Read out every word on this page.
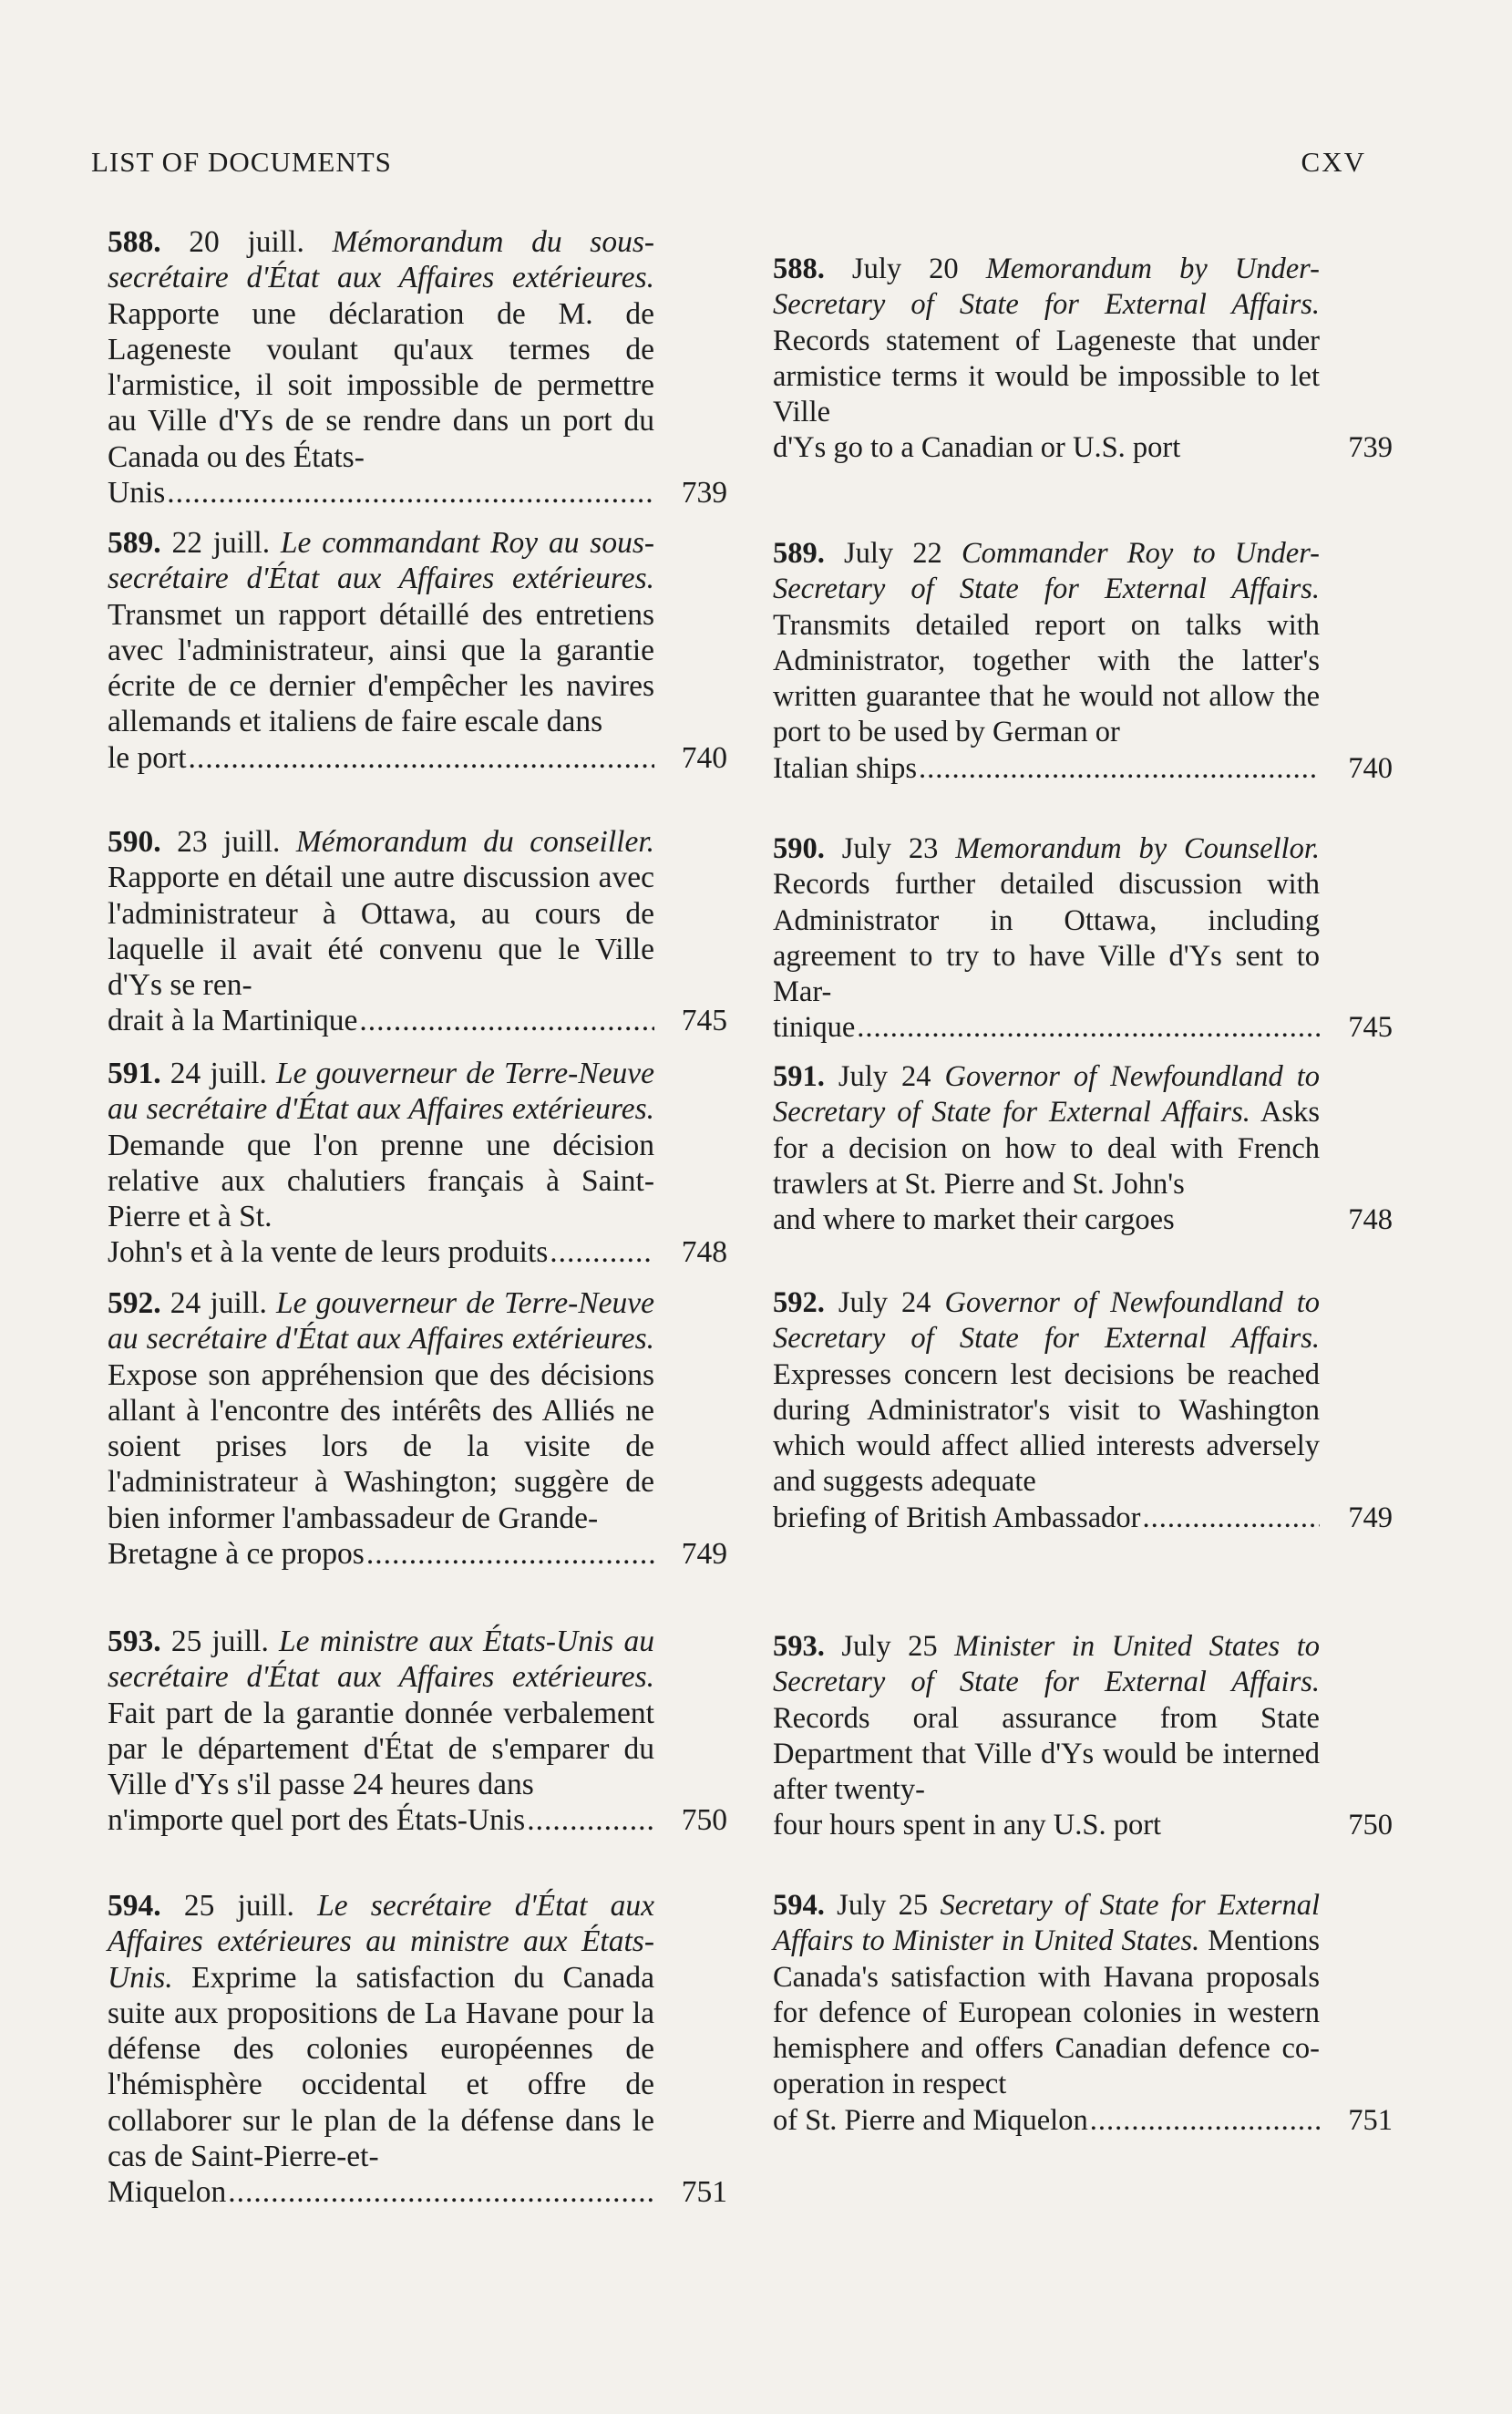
LIST OF DOCUMENTS	CXV
588. 20 juill. Mémorandum du sous-secrétaire d'État aux Affaires extérieures. Rapporte une déclaration de M. de Lageneste voulant qu'aux termes de l'armistice, il soit impossible de permettre au Ville d'Ys de se rendre dans un port du Canada ou des États-
Unis .....	739
589. 22 juill. Le commandant Roy au sous-secrétaire d'État aux Affaires extérieures. Transmet un rapport détaillé des entretiens avec l'administrateur, ainsi que la garantie écrite de ce dernier d'empêcher les navires allemands et italiens de faire escale dans
le port .....	740
590. 23 juill. Mémorandum du conseiller. Rapporte en détail une autre discussion avec l'administrateur à Ottawa, au cours de laquelle il avait été convenu que le Ville d'Ys se ren-
drait à la Martinique .....	745
591. 24 juill. Le gouverneur de Terre-Neuve au secrétaire d'État aux Affaires extérieures. Demande que l'on prenne une décision relative aux chalutiers français à Saint-Pierre et à St.
John's et à la vente de leurs produits .....	748
592. 24 juill. Le gouverneur de Terre-Neuve au secrétaire d'État aux Affaires extérieures. Expose son appréhension que des décisions allant à l'encontre des intérêts des Alliés ne soient prises lors de la visite de l'administrateur à Washington; suggère de bien informer l'ambassadeur de Grande-
Bretagne à ce propos .....	749
593. 25 juill. Le ministre aux États-Unis au secrétaire d'État aux Affaires extérieures. Fait part de la garantie donnée verbalement par le département d'État de s'emparer du Ville d'Ys s'il passe 24 heures dans
n'importe quel port des États-Unis .....	750
594. 25 juill. Le secrétaire d'État aux Affaires extérieures au ministre aux États-Unis. Exprime la satisfaction du Canada suite aux propositions de La Havane pour la défense des colonies européennes de l'hémisphère occidental et offre de collaborer sur le plan de la défense dans le cas de Saint-Pierre-et-
Miquelon .....	751
588. July 20 Memorandum by Under-Secretary of State for External Affairs. Records statement of Lageneste that under armistice terms it would be impossible to let Ville
d'Ys go to a Canadian or U.S. port	739
589. July 22 Commander Roy to Under-Secretary of State for External Affairs. Transmits detailed report on talks with Administrator, together with the latter's written guarantee that he would not allow the port to be used by German or
Italian ships .....	740
590. July 23 Memorandum by Counsellor. Records further detailed discussion with Administrator in Ottawa, including agreement to try to have Ville d'Ys sent to Mar-
tinique .....	745
591. July 24 Governor of Newfoundland to Secretary of State for External Affairs. Asks for a decision on how to deal with French trawlers at St. Pierre and St. John's
and where to market their cargoes	748
592. July 24 Governor of Newfoundland to Secretary of State for External Affairs. Expresses concern lest decisions be reached during Administrator's visit to Washington which would affect allied interests adversely and suggests adequate
briefing of British Ambassador .....	749
593. July 25 Minister in United States to Secretary of State for External Affairs. Records oral assurance from State Department that Ville d'Ys would be interned after twenty-
four hours spent in any U.S. port	750
594. July 25 Secretary of State for External Affairs to Minister in United States. Mentions Canada's satisfaction with Havana proposals for defence of European colonies in western hemisphere and offers Canadian defence co-operation in respect
of St. Pierre and Miquelon .....	751
